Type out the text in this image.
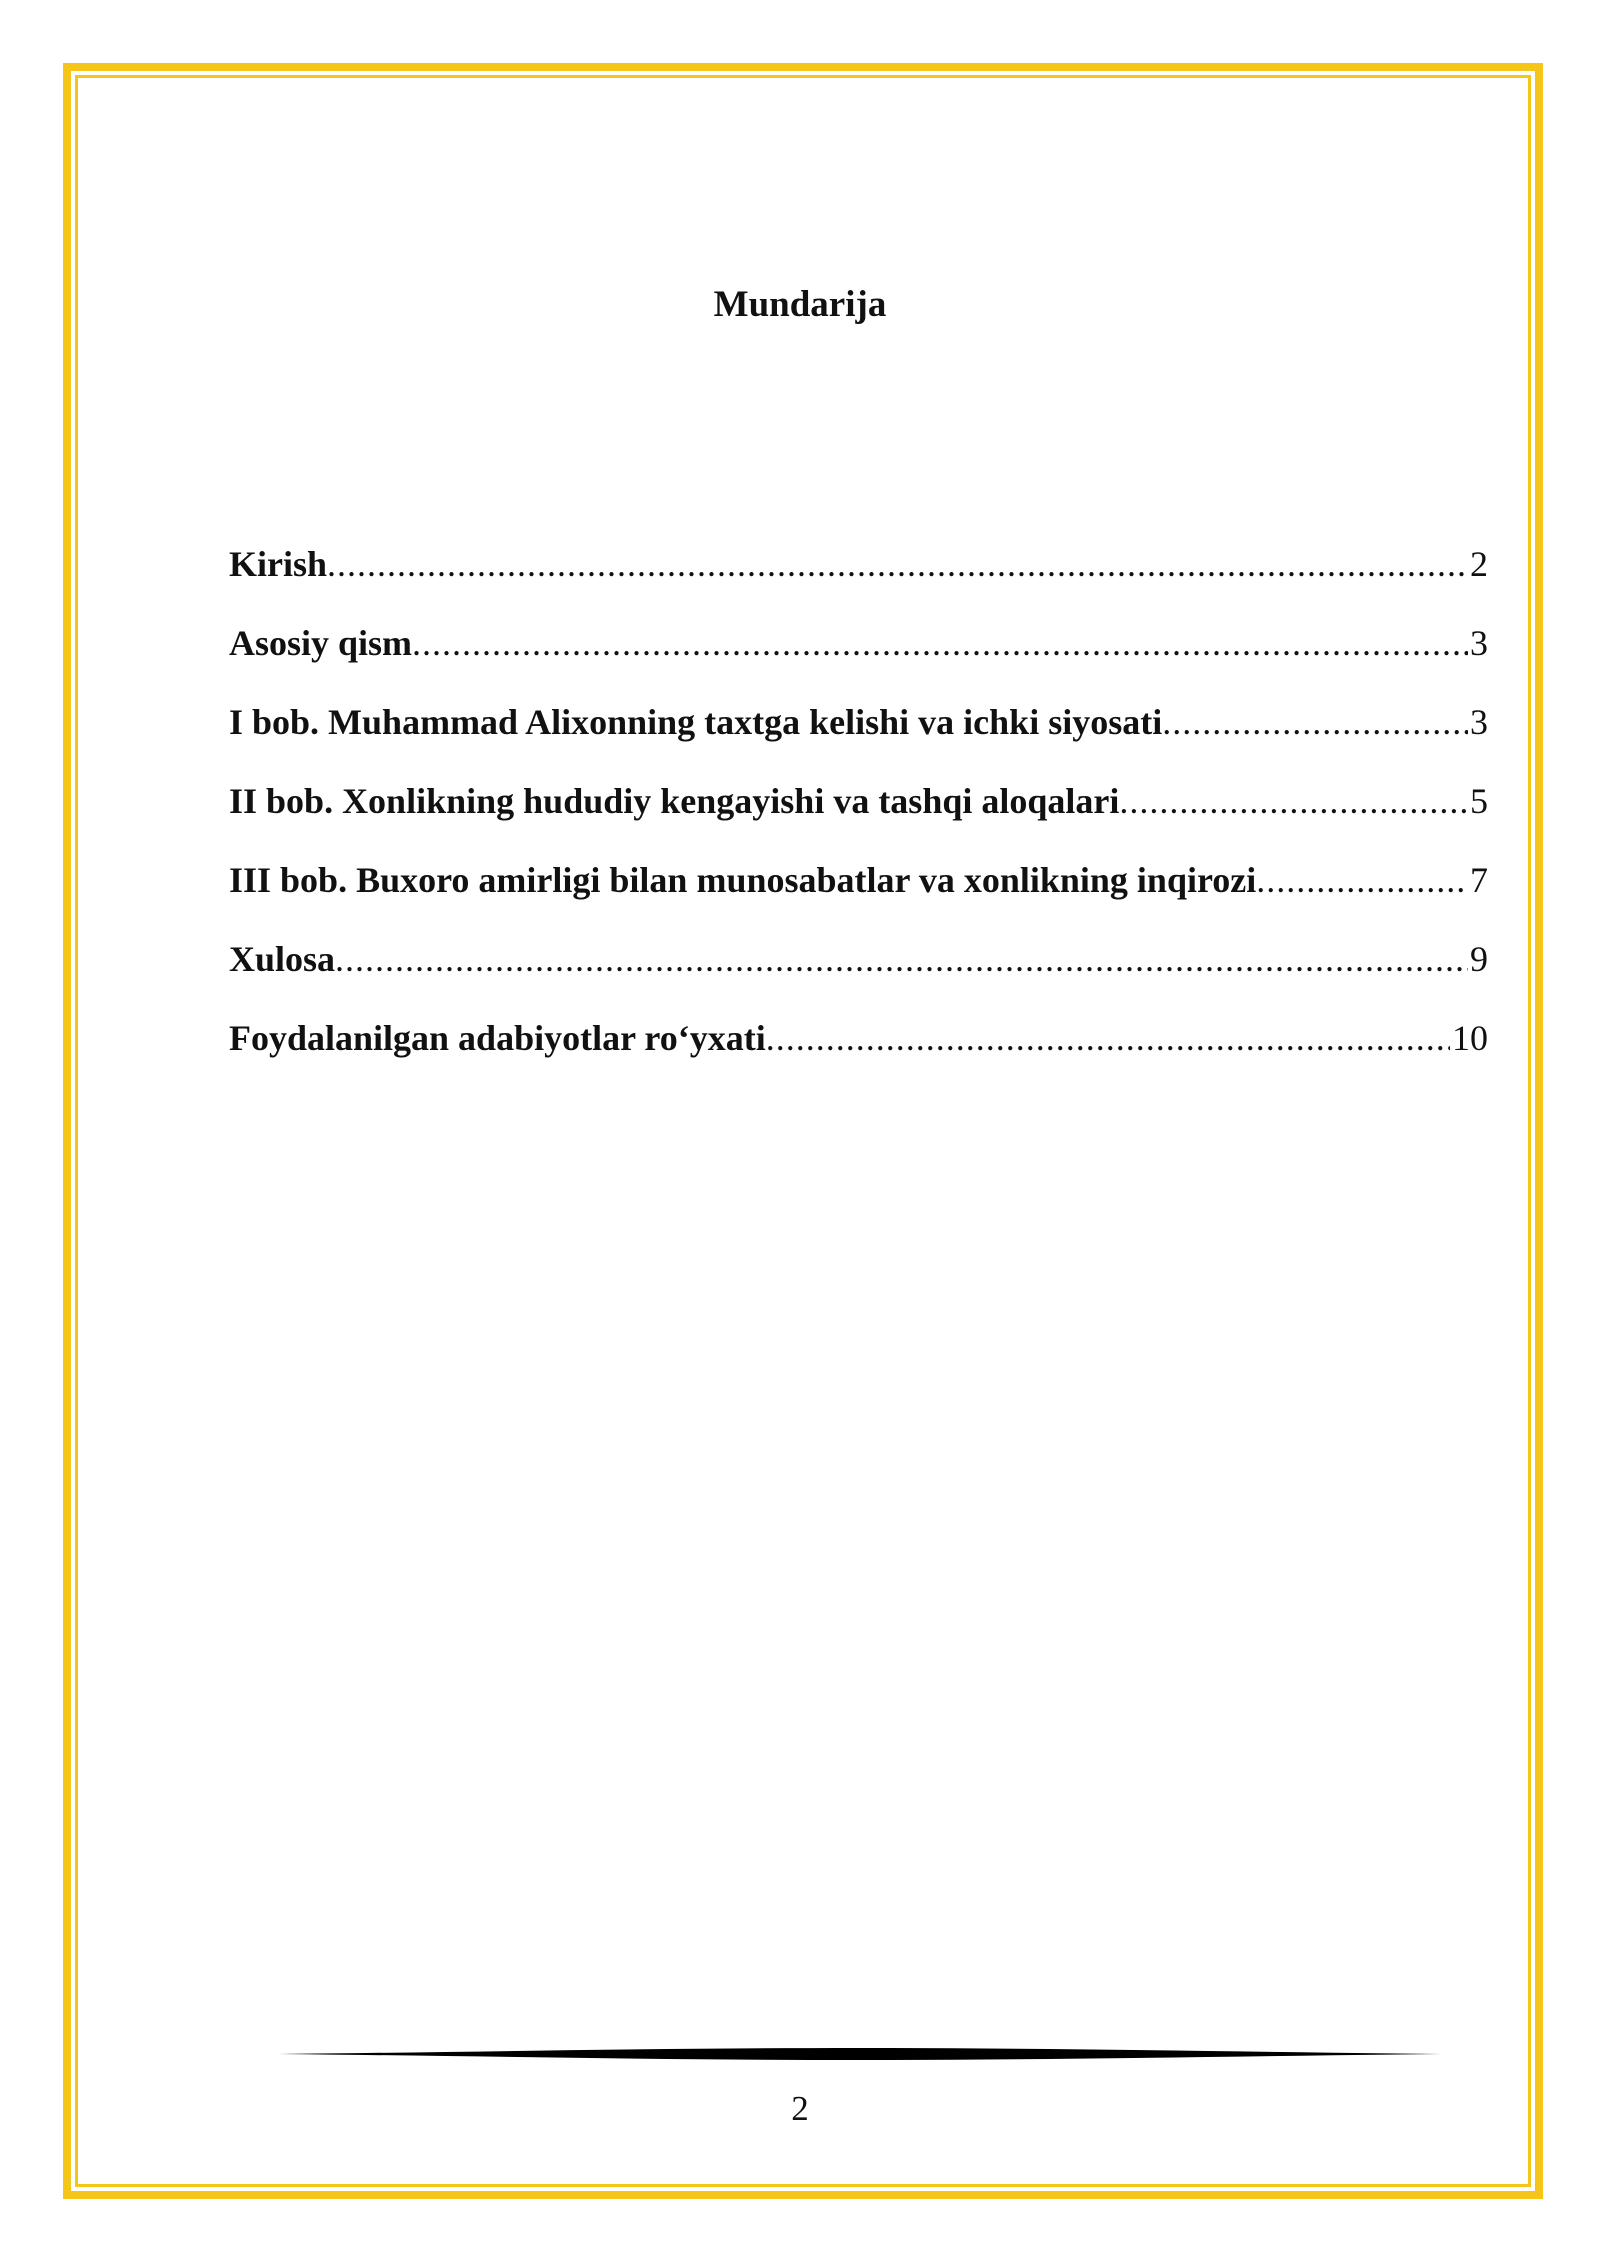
Mundarija
Kirish .....	2
Asosiy qism .....	3
I bob. Muhammad Alixonning taxtga kelishi va ichki siyosati .....	3
II bob. Xonlikning hududiy kengayishi va tashqi aloqalari .....	5
III bob. Buxoro amirligi bilan munosabatlar va xonlikning inqirozi .....	7
Xulosa .....	9
Foydalanilgan adabiyotlar ro‘yxati .....	10
2
